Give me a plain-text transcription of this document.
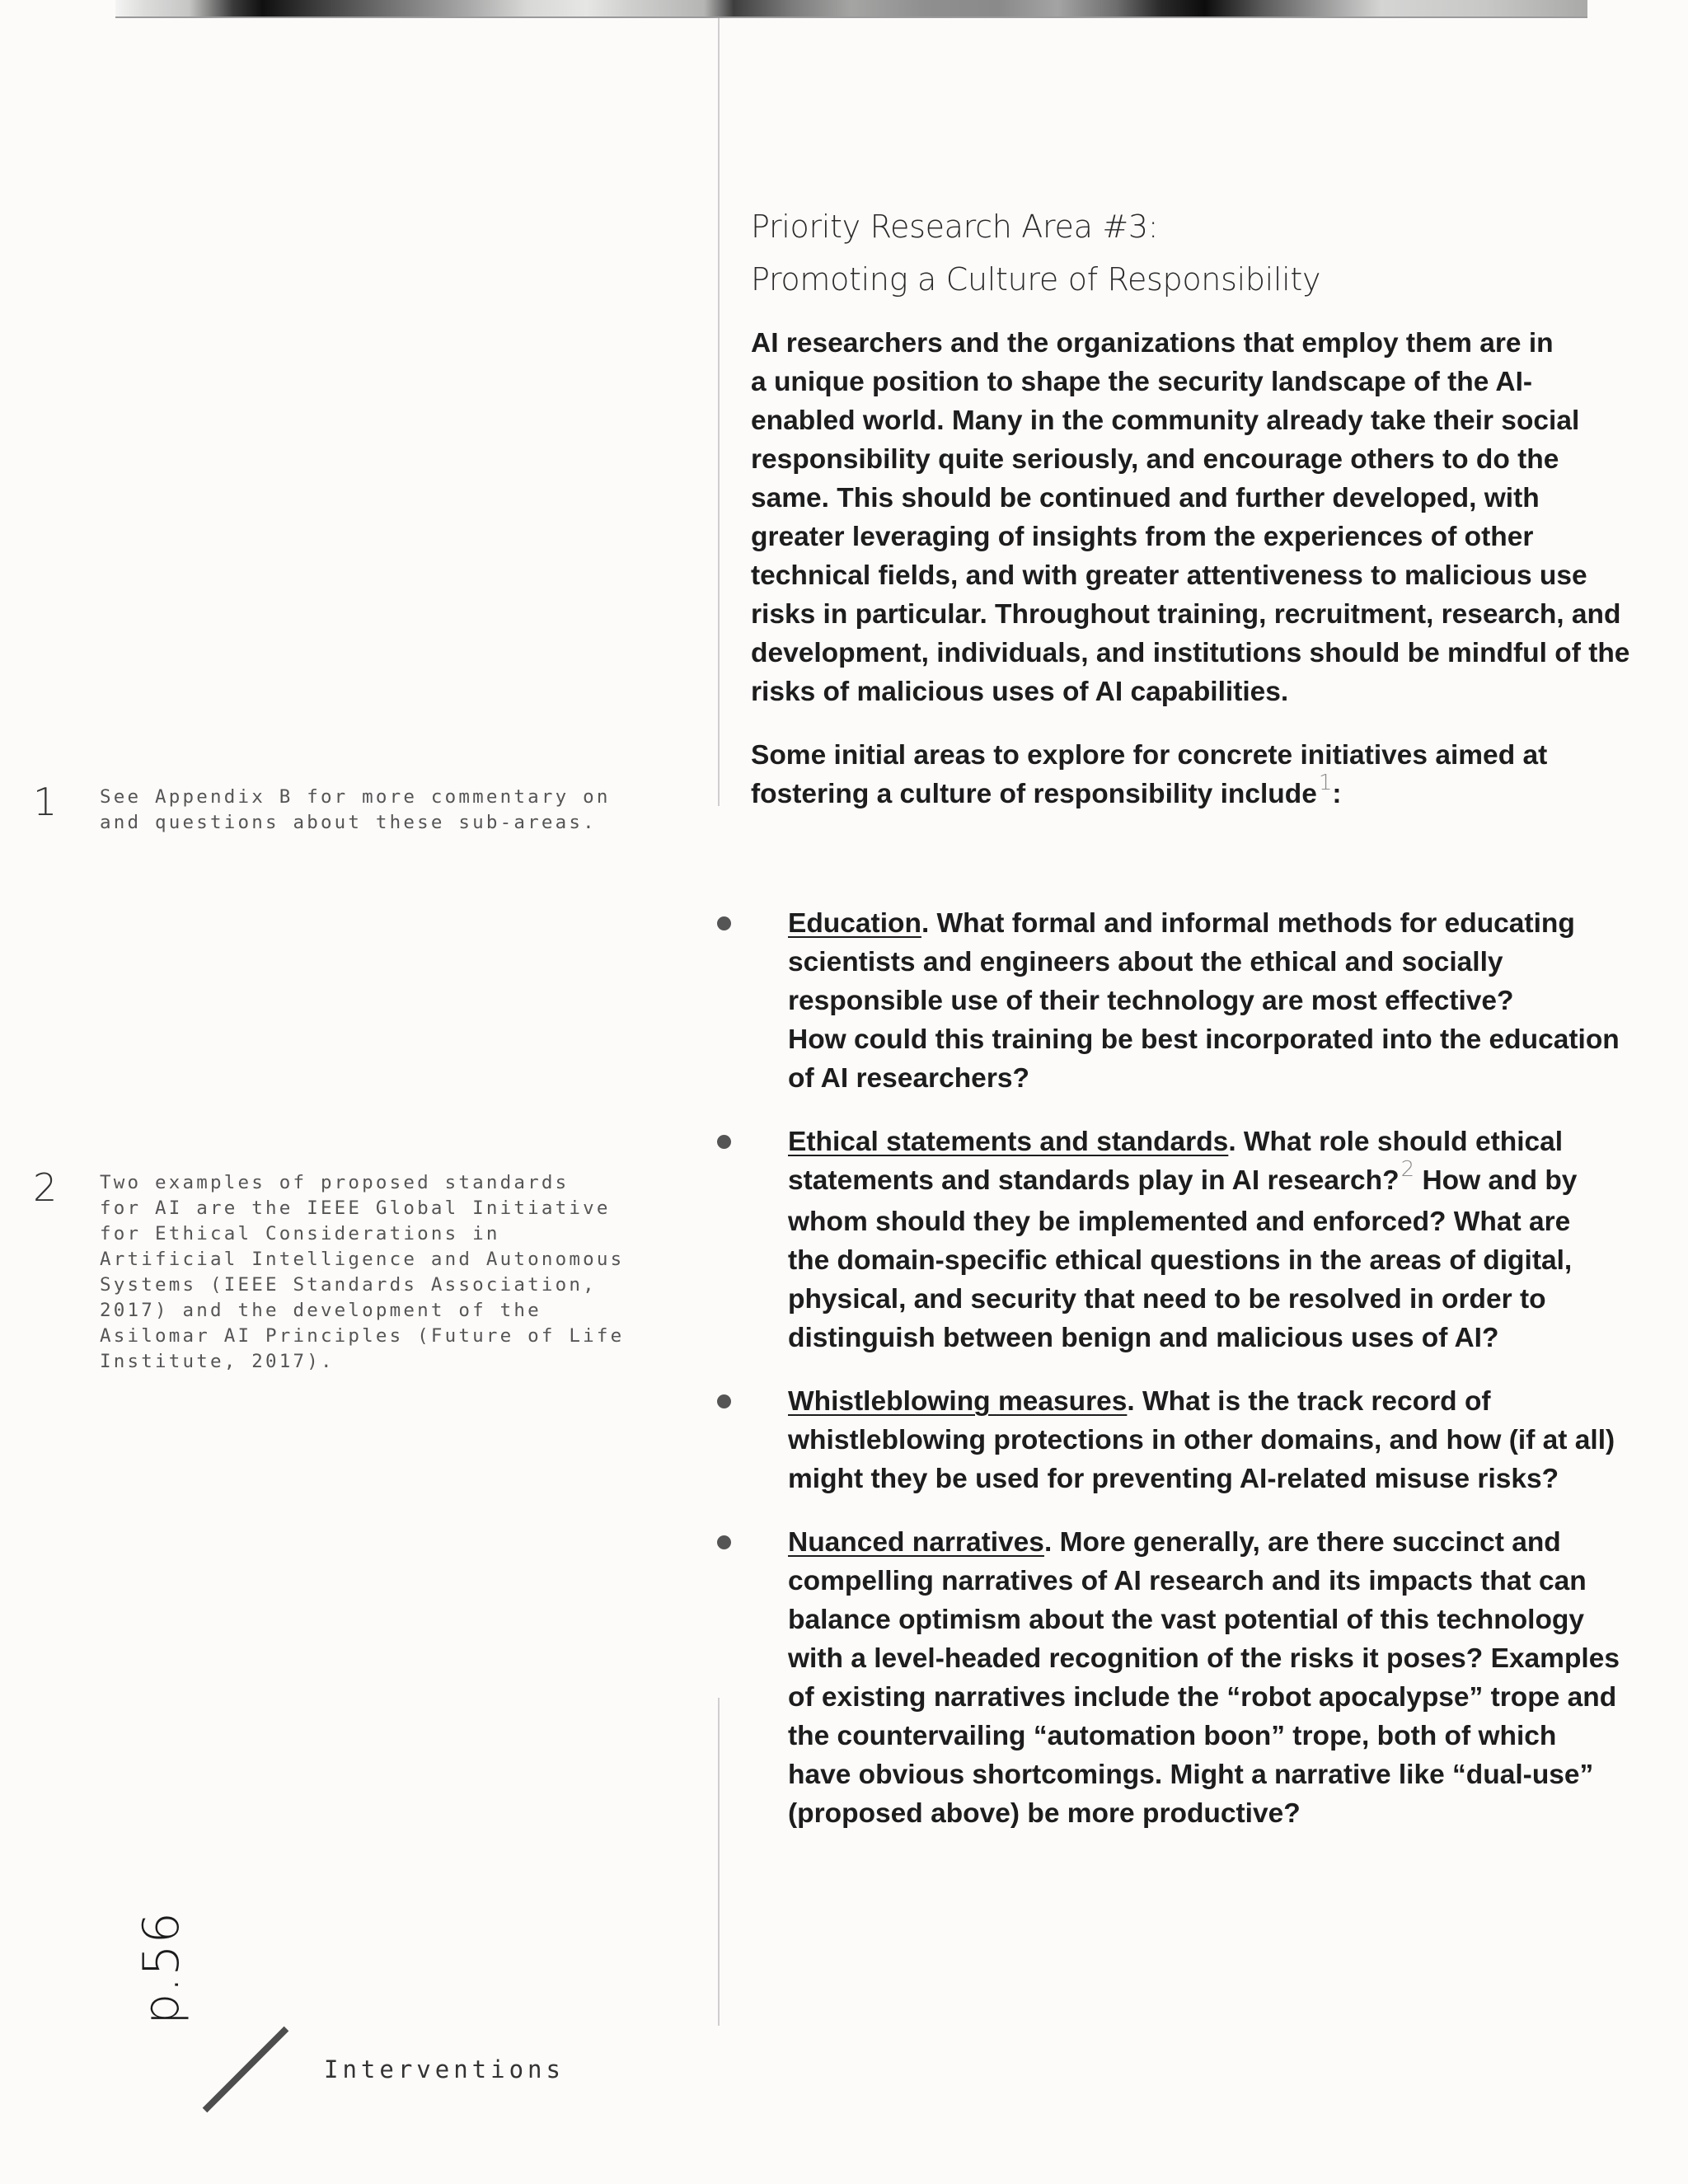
Priority Research Area #3:
Promoting a Culture of Responsibility
AI researchers and the organizations that employ them are in
a unique position to shape the security landscape of the AI-
enabled world. Many in the community already take their social
responsibility quite seriously, and encourage others to do the
same. This should be continued and further developed, with
greater leveraging of insights from the experiences of other
technical fields, and with greater attentiveness to malicious use
risks in particular. Throughout training, recruitment, research, and
development, individuals, and institutions should be mindful of the
risks of malicious uses of AI capabilities.
Some initial areas to explore for concrete initiatives aimed at
fostering a culture of responsibility include$^1$:
Education. What formal and informal methods for educating
scientists and engineers about the ethical and socially
responsible use of their technology are most effective?
How could this training be best incorporated into the education
of AI researchers?
Ethical statements and standards. What role should ethical
statements and standards play in AI research?$^2$ How and by
whom should they be implemented and enforced? What are
the domain-specific ethical questions in the areas of digital,
physical, and security that need to be resolved in order to
distinguish between benign and malicious uses of AI?
Whistleblowing measures. What is the track record of
whistleblowing protections in other domains, and how (if at all)
might they be used for preventing AI-related misuse risks?
Nuanced narratives. More generally, are there succinct and
compelling narratives of AI research and its impacts that can
balance optimism about the vast potential of this technology
with a level-headed recognition of the risks it poses? Examples
of existing narratives include the “robot apocalypse” trope and
the countervailing “automation boon” trope, both of which
have obvious shortcomings. Might a narrative like “dual-use”
(proposed above) be more productive?
1 See Appendix B for more commentary on
and questions about these sub-areas.
2 Two examples of proposed standards
for AI are the IEEE Global Initiative
for Ethical Considerations in
Artificial Intelligence and Autonomous
Systems (IEEE Standards Association,
2017) and the development of the
Asilomar AI Principles (Future of Life
Institute, 2017).
p.56
Interventions
